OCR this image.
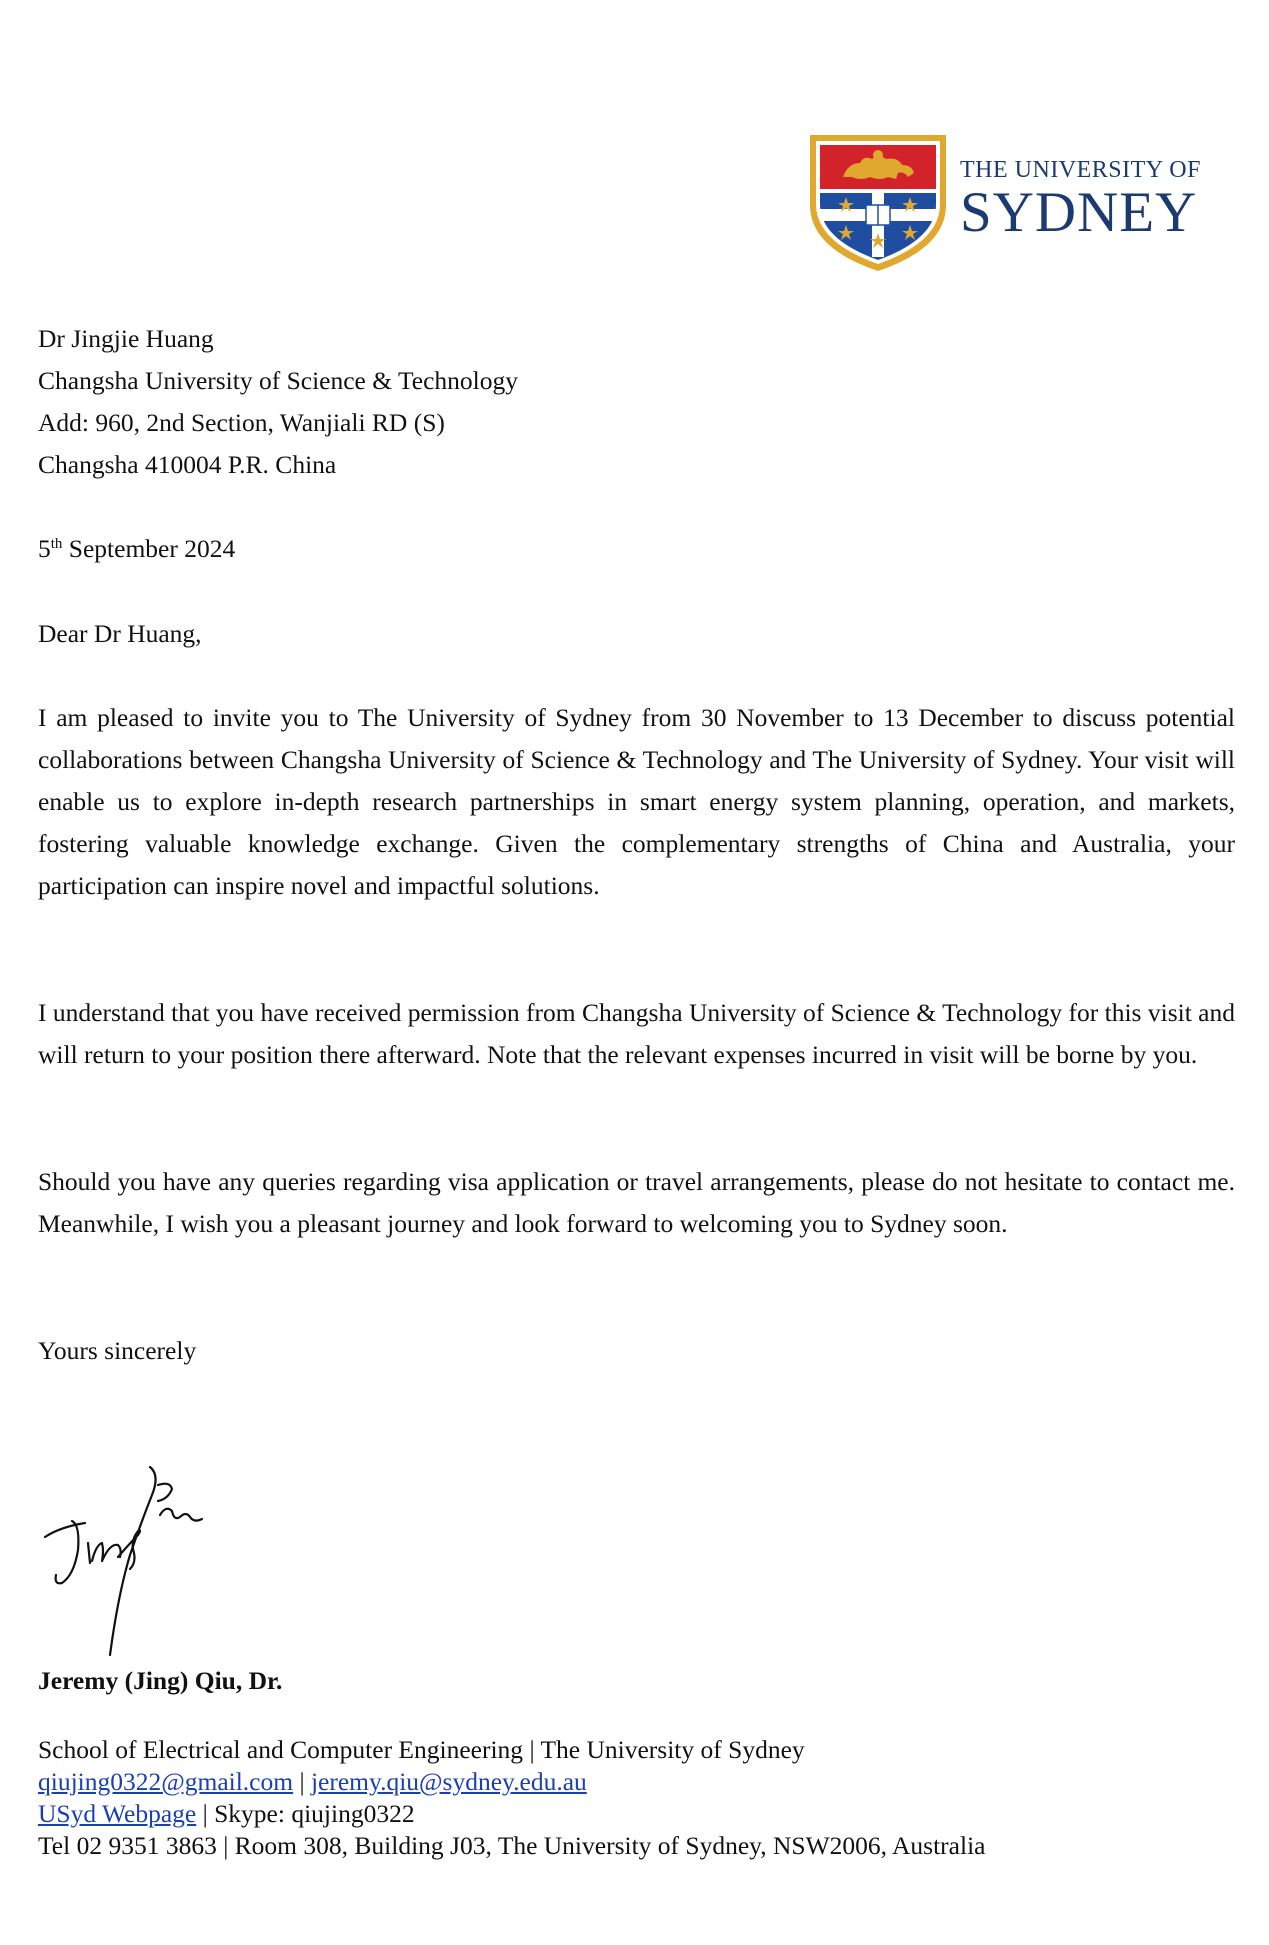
THE UNIVERSITY OF
SYDNEY
Dr Jingjie Huang
Changsha University of Science & Technology
Add: 960, 2nd Section, Wanjiali RD (S)
Changsha 410004 P.R. China
5th September 2024
Dear Dr Huang,
I am pleased to invite you to The University of Sydney from 30 November to 13 December to discuss potential collaborations between Changsha University of Science & Technology and The University of Sydney. Your visit will enable us to explore in-depth research partnerships in smart energy system planning, operation, and markets, fostering valuable knowledge exchange. Given the complementary strengths of China and Australia, your participation can inspire novel and impactful solutions.
I understand that you have received permission from Changsha University of Science & Technology for this visit and will return to your position there afterward. Note that the relevant expenses incurred in visit will be borne by you.
Should you have any queries regarding visa application or travel arrangements, please do not hesitate to contact me. Meanwhile, I wish you a pleasant journey and look forward to welcoming you to Sydney soon.
Yours sincerely
Jeremy (Jing) Qiu, Dr.
School of Electrical and Computer Engineering | The University of Sydney
qiujing0322@gmail.com | jeremy.qiu@sydney.edu.au
USyd Webpage | Skype: qiujing0322
Tel 02 9351 3863 | Room 308, Building J03, The University of Sydney, NSW2006, Australia
